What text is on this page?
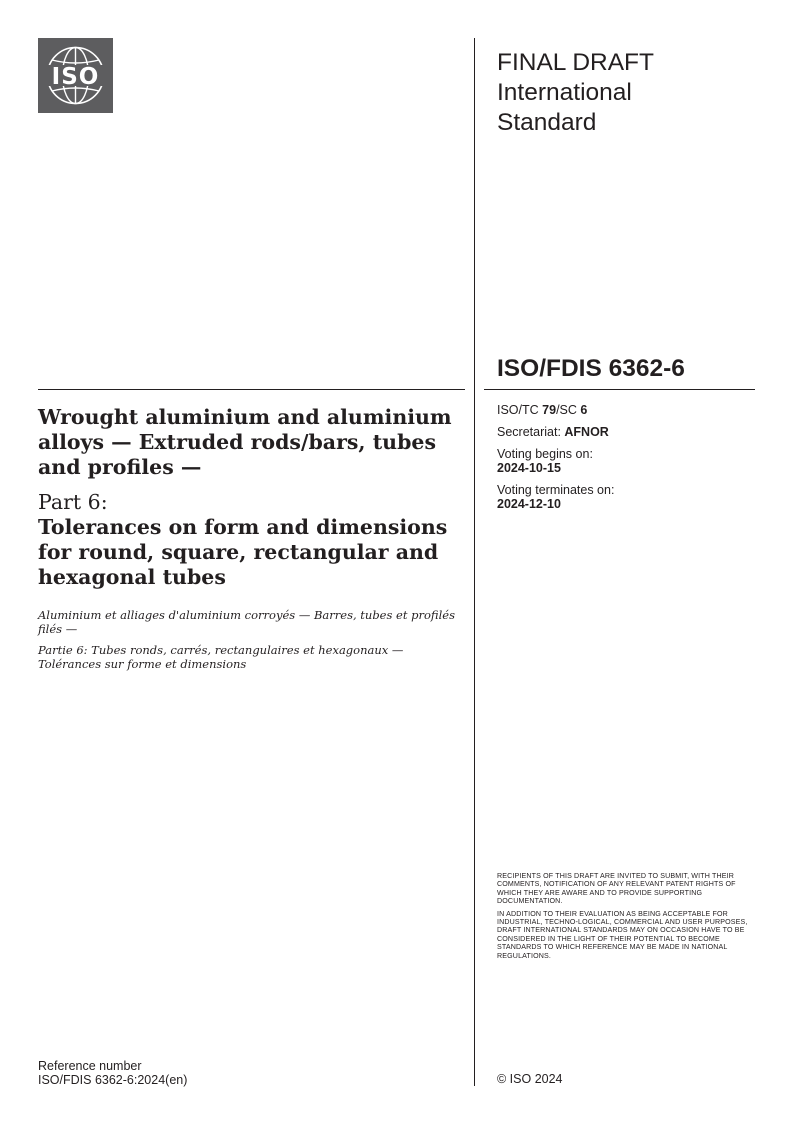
ISO
FINAL DRAFT
International
Standard
ISO/FDIS 6362-6
ISO/TC 79/SC 6
Secretariat: AFNOR
Voting begins on:
2024-10-15
Voting terminates on:
2024-12-10

Wrought aluminium and aluminium alloys — Extruded rods/bars, tubes and profiles —

Part 6:

Tolerances on form and dimensions for round, square, rectangular and hexagonal tubes

Aluminium et alliages d'aluminium corroyés — Barres, tubes et profilés filés —

Partie 6: Tubes ronds, carrés, rectangulaires et hexagonaux — Tolérances sur forme et dimensions

RECIPIENTS OF THIS DRAFT ARE INVITED TO SUBMIT, WITH THEIR COMMENTS, NOTIFICATION OF ANY RELEVANT PATENT RIGHTS OF WHICH THEY ARE AWARE AND TO PROVIDE SUPPORTING DOCUMENTATION.

IN ADDITION TO THEIR EVALUATION AS BEING ACCEPTABLE FOR INDUSTRIAL, TECHNO-LOGICAL, COMMERCIAL AND USER PURPOSES, DRAFT INTERNATIONAL STANDARDS MAY ON OCCASION HAVE TO BE CONSIDERED IN THE LIGHT OF THEIR POTENTIAL TO BECOME STANDARDS TO WHICH REFERENCE MAY BE MADE IN NATIONAL REGULATIONS.

Reference number
ISO/FDIS 6362-6:2024(en)	© ISO 2024
